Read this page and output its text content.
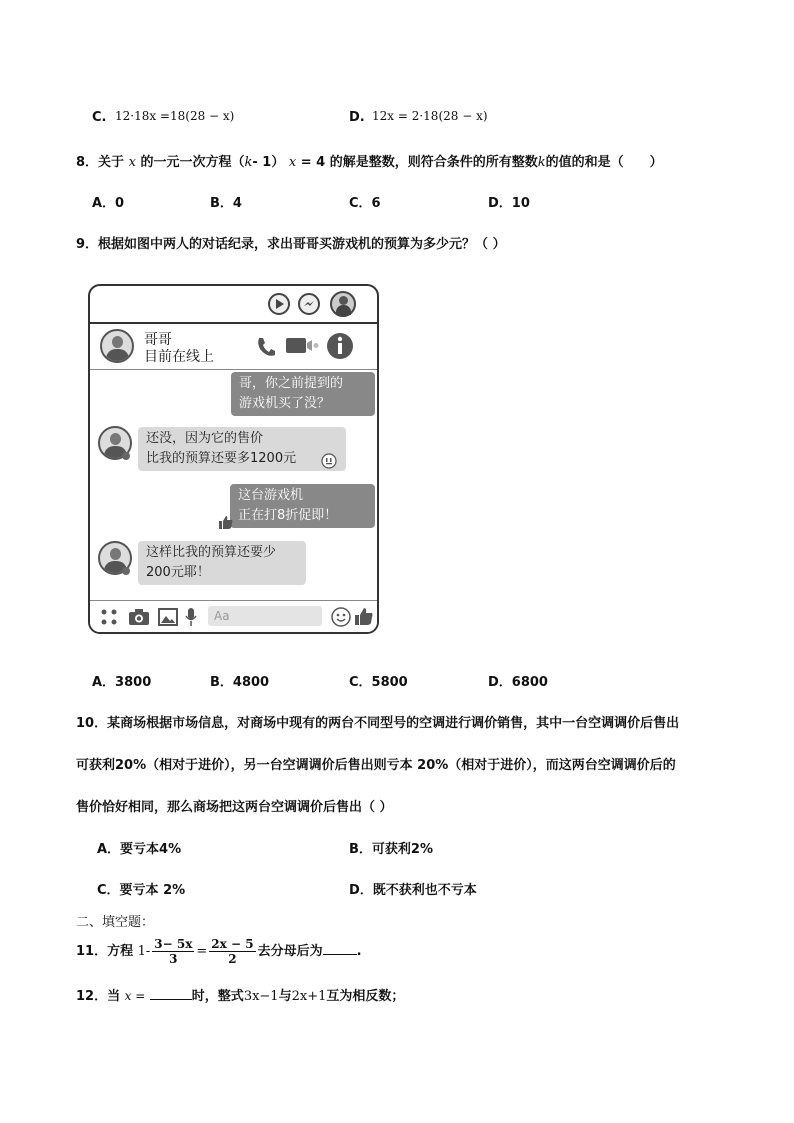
C. 12·18x =18(28 − x)	D. 12x = 2·18(28 − x)
8．关于 x 的一元一次方程（k- 1） x = 4 的解是整数，则符合条件的所有整数k的值的和是（　　）
A．0	B．4	C．6	D．10
9．根据如图中两人的对话纪录，求出哥哥买游戏机的预算为多少元？（ ）
哥哥
目前在线上
哥，你之前提到的
游戏机买了没？
还没，因为它的售价
比我的预算还要多1200元
这台游戏机
正在打8折促即！
这样比我的预算还要少
200元耶！
Aa
A．3800	B．4800	C．5800	D．6800
10．某商场根据市场信息，对商场中现有的两台不同型号的空调进行调价销售，其中一台空调调价后售出
可获利20%（相对于进价），另一台空调调价后售出则亏本 20%（相对于进价），而这两台空调调价后的
售价恰好相同，那么商场把这两台空调调价后售出（ ）
A．要亏本4%	B．可获利2%
C．要亏本 2%	D．既不获利也不亏本
二、填空题：
11．方程 $1- \frac{3- 5x}{3} = \frac{2x - 5}{2}$ 去分母后为	.
12．当 x =	时，整式3x−1与2x+1互为相反数；
